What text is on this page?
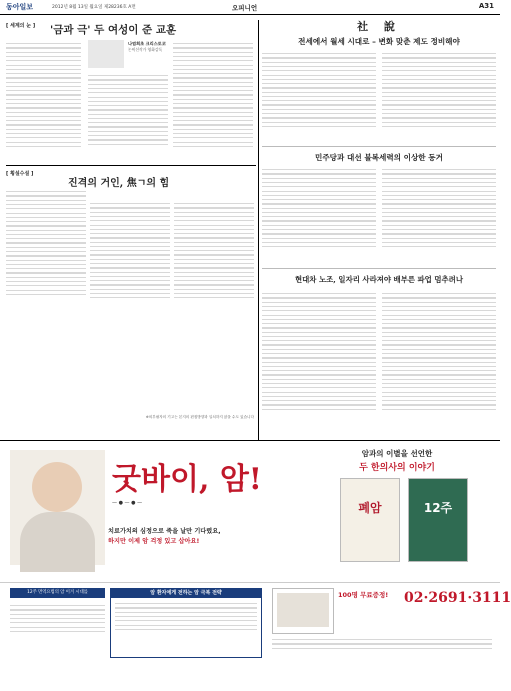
동아일보	2012년 8월 13일 월요일 제28236호 A면	오피니언	A31
[ 세계의 눈 ]	'금과 극' 두 여성이 준 교훈
나염희초 크리스토코
논픽션작가 영화감독
[ 횡설수설 ]
진격의 거인, 焦ㄱ의 힘
※외부필자의 기고는 본지의 편집방향과 일치하지 않을 수도 있습니다
社 說
전세에서 월세 시대로 – 변화 맞춘 제도 정비해야
민주당과 대선 불복세력의 이상한 동거
현대차 노조, 일자리 사라져야 배부른 파업 멈추려나
굿바이, 암!
— ● — ● —
치료가치의 심정으로 죽을 날만 기다렸요,
하지만 이제 암 걱정 있고 삽아요!
암과의 이별을 선언한
두 한의사의 이야기
폐암	12주
12주 면역요법의 암 이겨 시대를	암 환자에게 전하는 암 극복 전략	100명 무료증정!	02·2691·3111
